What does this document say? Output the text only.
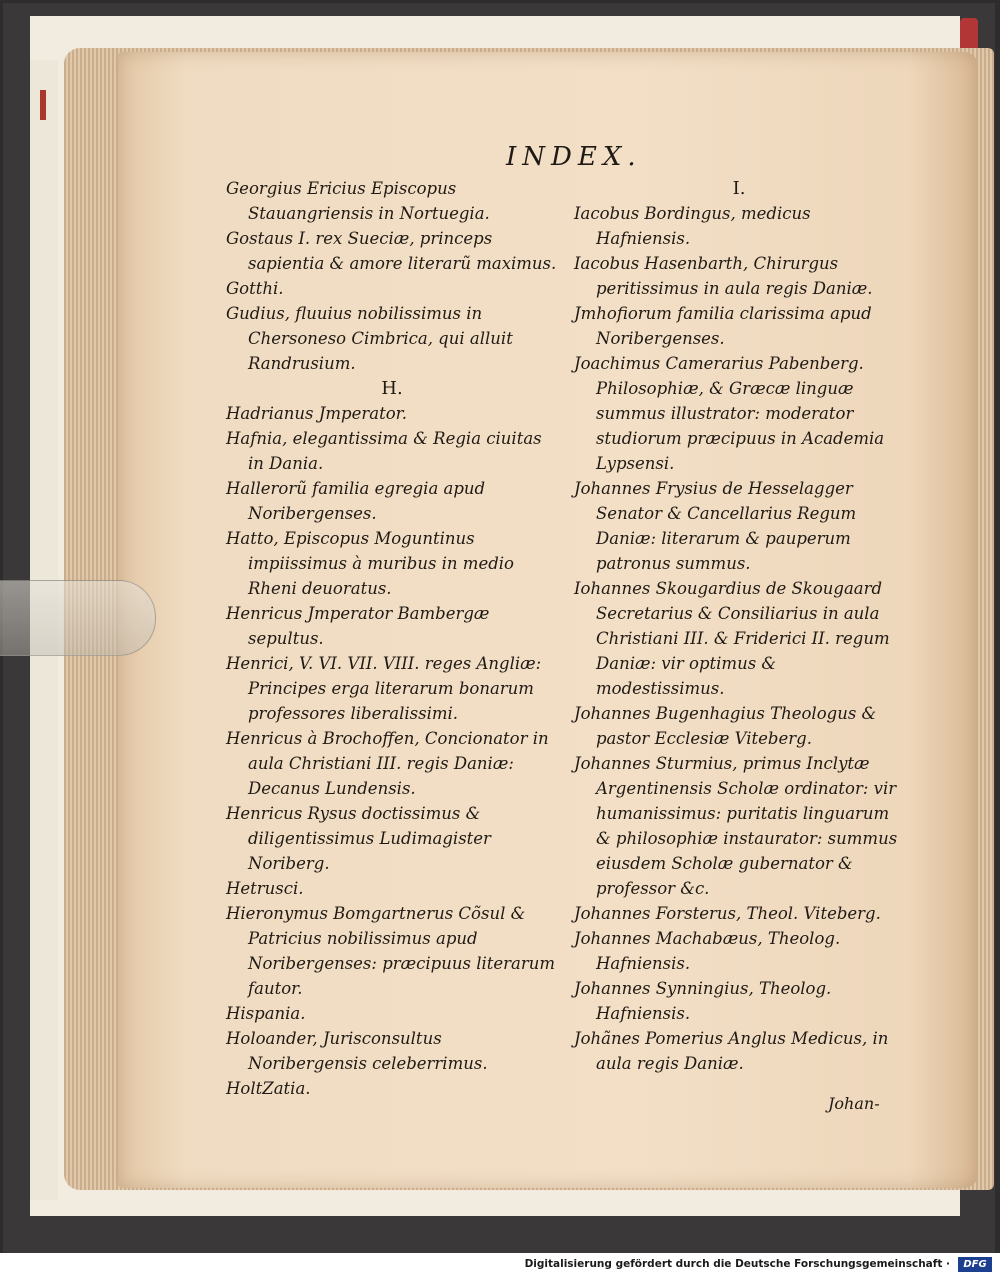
INDEX.
Georgius Ericius Episcopus Stauangriensis in Nortuegia.
Gostaus I. rex Sueciæ, princeps sapientia & amore literarũ maximus.
Gotthi.
Gudius, fluuius nobilissimus in Chersoneso Cimbrica, qui alluit Randrusium.
H.
Hadrianus Jmperator.
Hafnia, elegantissima & Regia ciuitas in Dania.
Hallerorũ familia egregia apud Noribergenses.
Hatto, Episcopus Moguntinus impiissimus à muribus in medio Rheni deuoratus.
Henricus Jmperator Bambergæ sepultus.
Henrici, V. VI. VII. VIII. reges Angliæ: Principes erga literarum bonarum professores liberalissimi.
Henricus à Brochoffen, Concionator in aula Christiani III. regis Daniæ: Decanus Lundensis.
Henricus Rysus doctissimus & diligentissimus Ludimagister Noriberg.
Hetrusci.
Hieronymus Bomgartnerus Cõsul & Patricius nobilissimus apud Noribergenses: præcipuus literarum fautor.
Hispania.
Holoander, Jurisconsultus Noribergensis celeberrimus.
HoltZatia.
I.
Iacobus Bordingus, medicus Hafniensis.
Iacobus Hasenbarth, Chirurgus peritissimus in aula regis Daniæ.
Jmhofiorum familia clarissima apud Noribergenses.
Joachimus Camerarius Pabenberg. Philosophiæ, & Græcæ linguæ summus illustrator: moderator studiorum præcipuus in Academia Lypsensi.
Johannes Frysius de Hesselagger Senator & Cancellarius Regum Daniæ: literarum & pauperum patronus summus.
Iohannes Skougardius de Skougaard Secretarius & Consiliarius in aula Christiani III. & Friderici II. regum Daniæ: vir optimus & modestissimus.
Johannes Bugenhagius Theologus & pastor Ecclesiæ Viteberg.
Johannes Sturmius, primus Inclytæ Argentinensis Scholæ ordinator: vir humanissimus: puritatis linguarum & philosophiæ instaurator: summus eiusdem Scholæ gubernator & professor &c.
Johannes Forsterus, Theol. Viteberg.
Johannes Machabæus, Theolog. Hafniensis.
Johannes Synningius, Theolog. Hafniensis.
Johãnes Pomerius Anglus Medicus, in aula regis Daniæ.
Johan-
Digitalisierung gefördert durch die Deutsche Forschungsgemeinschaft ·	DFG
